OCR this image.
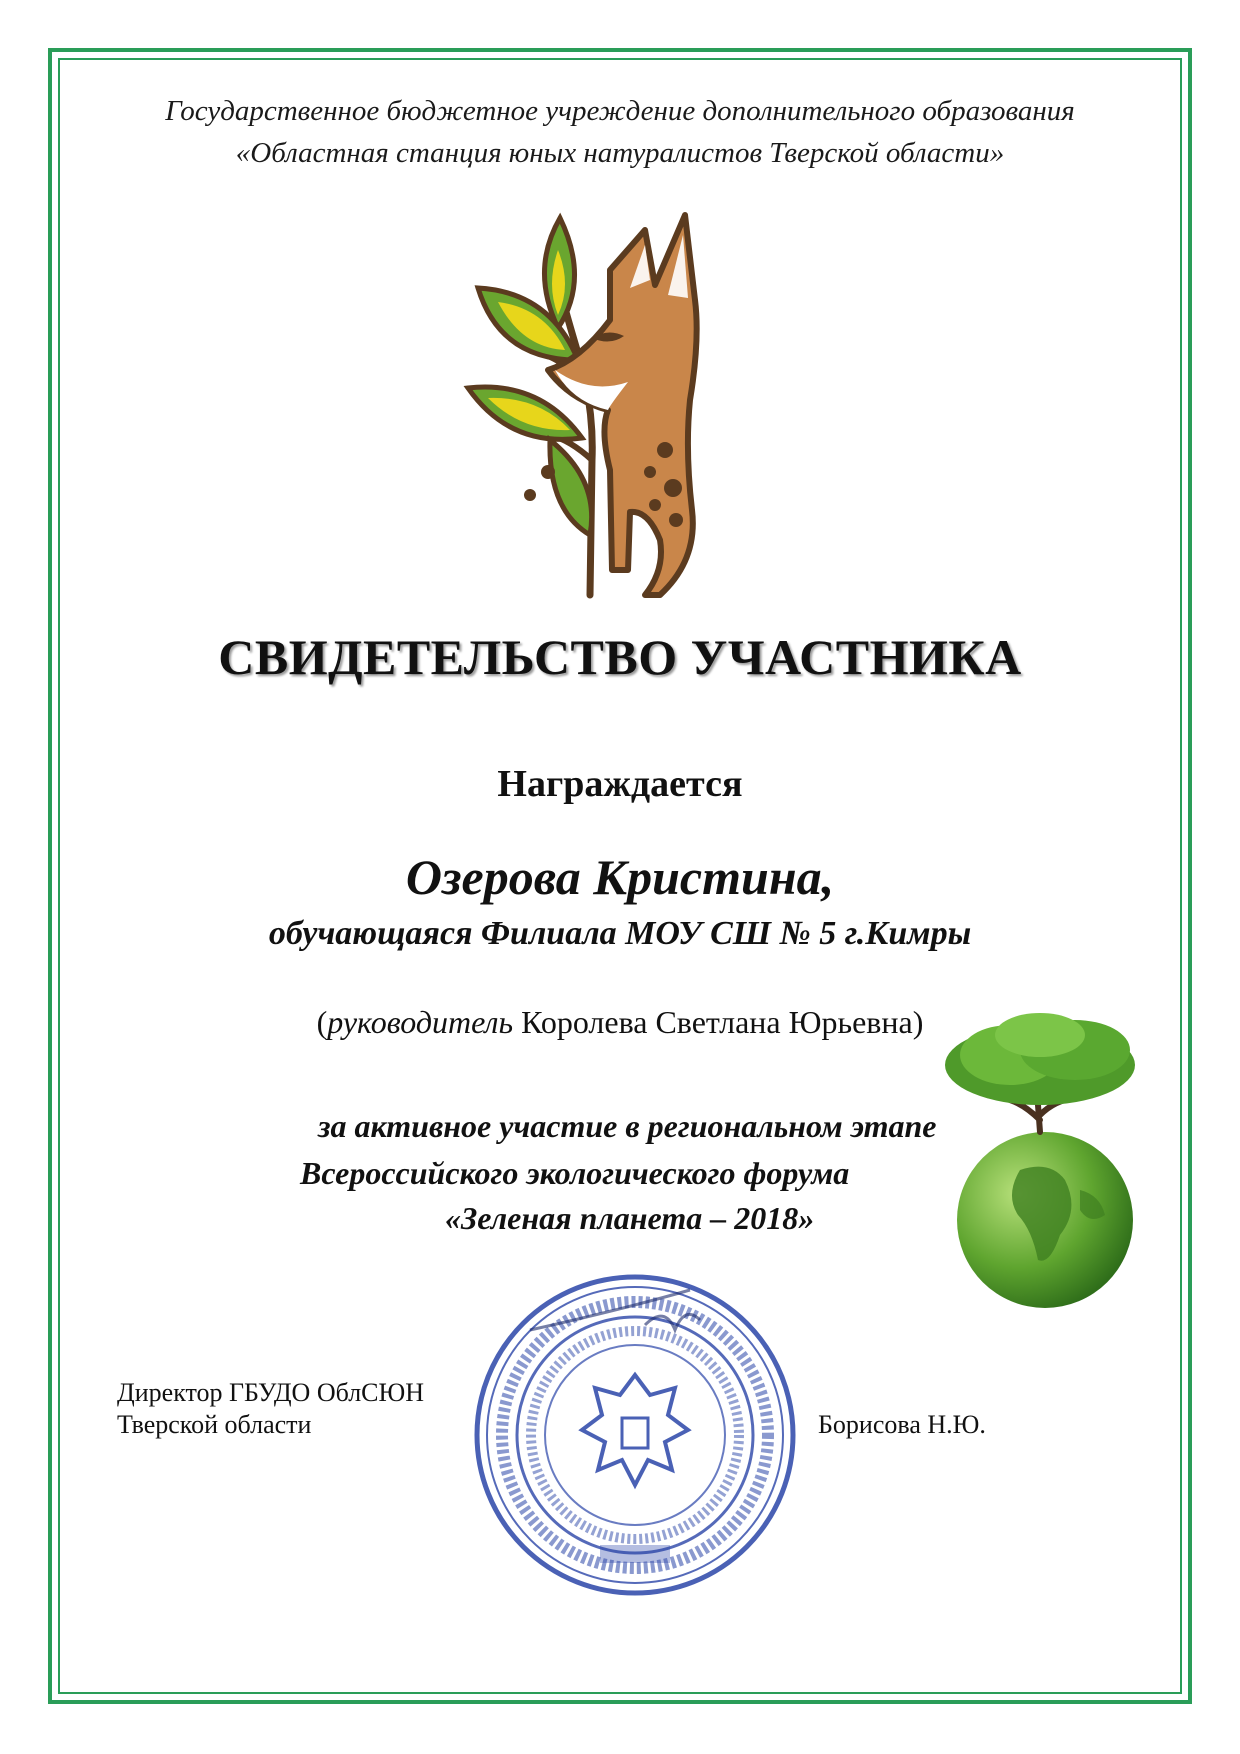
Государственное бюджетное учреждение дополнительного образования
«Областная станция юных натуралистов Тверской области»
СВИДЕТЕЛЬСТВО УЧАСТНИКА
Награждается
Озерова Кристина,
обучающаяся Филиала МОУ СШ № 5 г.Кимры
(руководитель Королева Светлана Юрьевна)
за активное участие в региональном этапе
Всероссийского экологического форума
«Зеленая планета – 2018»
Директор ГБУДО ОблСЮН
Тверской области	Борисова Н.Ю.
